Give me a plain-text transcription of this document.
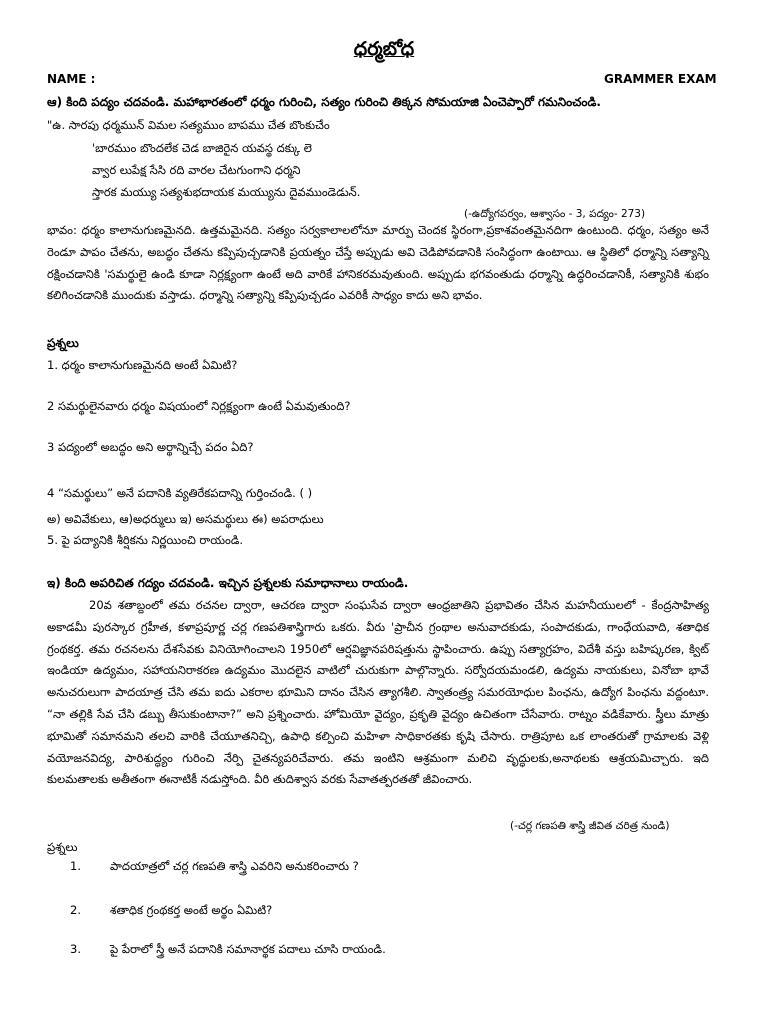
ధర్మబోధ
NAME :	GRAMMER EXAM
ఆ) కింది పద్యం చదవండి. మహాభారతంలో ధర్మం గురించి, సత్యం గురించి తిక్కన సోమయాజి ఏంచెప్పారో గమనించండి.
"ఉ. సారపు ధర్మమున్ విమల సత్యముం బాపము చేత బొంకుచేం
'బారముం బొందలేక చెడ బాజిరైన యవస్థ దక్కు లె
వ్వార లుపేక్ష సేసి రది వారల చేటగుంగాని ధర్మని
స్తారక మయ్యు సత్యశుభదాయక మయ్యును దైవముండెడున్.
(-ఉద్యోగపర్వం, ఆశ్వాసం - 3, పద్యం- 273)
భావం: ధర్మం కాలానుగుణమైనది. ఉత్తమమైనది. సత్యం సర్వకాలాలలోనూ మార్పు చెందక స్థిరంగా,ప్రకాశవంతమైనదిగా ఉంటుంది. ధర్మం, సత్యం అనే రెండూ పాపం చేతను, అబద్ధం చేతను కప్పిపుచ్చడానికి ప్రయత్నం చేస్తే అప్పుడు అవి చెడిపోవడానికి సంసిద్ధంగా ఉంటాయి. ఆ స్థితిలో ధర్మాన్ని సత్యాన్ని రక్షించడానికి 'సమర్థులై ఉండి కూడా నిర్లక్ష్యంగా ఉంటే అది వారికే హానికరమవుతుంది. అప్పుడు భగవంతుడు ధర్మాన్ని ఉద్ధరించడానికీ, సత్యానికి శుభం కలిగించడానికి ముందుకు వస్తాడు. ధర్మాన్ని సత్యాన్ని కప్పిపుచ్చడం ఎవరికీ సాధ్యం కాదు అని భావం.
ప్రశ్నలు
1. ధర్మం కాలానుగుణమైనది అంటే ఏమిటి?
2 సమర్థులైనవారు ధర్మం విషయంలో నిర్లక్ష్యంగా ఉంటే ఏమవుతుంది?
3 పద్యంలో అబద్ధం అని అర్థాన్నిచ్చే పదం ఏది?
4 “సమర్థులు” అనే పదానికి వ్యతిరేకపదాన్ని గుర్తించండి. ( )
అ) అవివేకులు, ఆ)అధర్ములు ఇ) అసమర్థులు ఈ) అపరాధులు
5. పై పద్యానికి శీర్షికను నిర్ణయించి రాయండి.
ఇ) కింది అపరిచిత గద్యం చదవండి. ఇచ్చిన ప్రశ్నలకు సమాధానాలు రాయండి.
20వ శతాబ్దంలో తమ రచనల ద్వారా, ఆచరణ ద్వారా సంఘసేవ ద్వారా ఆంధ్రజాతిని ప్రభావితం చేసిన మహనీయులలో - కేంద్రసాహిత్య అకాడమీ పురస్కార గ్రహీత, కళాప్రపూర్ణ చర్ల గణపతిశాస్త్రిగారు ఒకరు. వీరు 'ప్రాచీన గ్రంథాల అనువాదకుడు, సంపాదకుడు, గాంధేయవాది, శతాధిక గ్రంథకర్త. తమ రచనలను దేశసేవకు వినియోగించాలని 1950లో ఆర్షవిజ్ఞానపరిషత్తును స్థాపించారు. ఉప్పు సత్యాగ్రహం, విదేశీ వస్తు బహిష్కరణ, క్విట్ ఇండియా ఉద్యమం, సహాయనిరాకరణ ఉద్యమం మొదలైన వాటిలో చురుకుగా పాల్గొన్నారు. సర్వోదయమండలి, ఉద్యమ నాయకులు, వినోబా భావే అనుచరులుగా పాదయాత్ర చేసి తమ ఐదు ఎకరాల భూమిని దానం చేసిన త్యాగశీలి. స్వాతంత్ర్య సమరయోధుల పింఛను, ఉద్యోగ పింఛను వద్దంటూ. “నా తల్లికి సేవ చేసి డబ్బు తీసుకుంటానా?” అని ప్రశ్నించారు. హోమియో వైద్యం, ప్రకృతి వైద్యం ఉచితంగా చేసేవారు. రాట్నం వడికేవారు. స్త్రీలు మాత్రు భూమితో సమానమని తలచి వారికి చేయూతనిచ్చి, ఉపాధి కల్పించి మహిళా సాధికారతకు కృషి చేసారు. రాత్రిపూట ఒక లాంతరుతో గ్రామాలకు వెళ్లి వయోజనవిద్య, పారిశుద్ధ్యం గురించి నేర్పి చైతన్యపరిచేవారు. తమ ఇంటిని ఆశ్రమంగా మలిచి వృద్ధులకు,అనాథలకు ఆశ్రయమిచ్చారు. ఇది కులమతాలకు అతీతంగా ఈనాటికీ నడుస్తోంది. వీరి తుదిశ్వాస వరకు సేవాతత్పరతతో జీవించారు.
(-చర్ల గణపతి శాస్త్రి జీవిత చరిత్ర నుండి)
ప్రశ్నలు
1.	పాదయాత్రలో చర్ల గణపతి శాస్త్రి ఎవరిని అనుకరించారు ?
2.	శతాధిక గ్రంథకర్త అంటే అర్థం ఏమిటి?
3.	పై పేరాలో స్త్రీ అనే పదానికి సమానార్థక పదాలు చూసి రాయండి.
